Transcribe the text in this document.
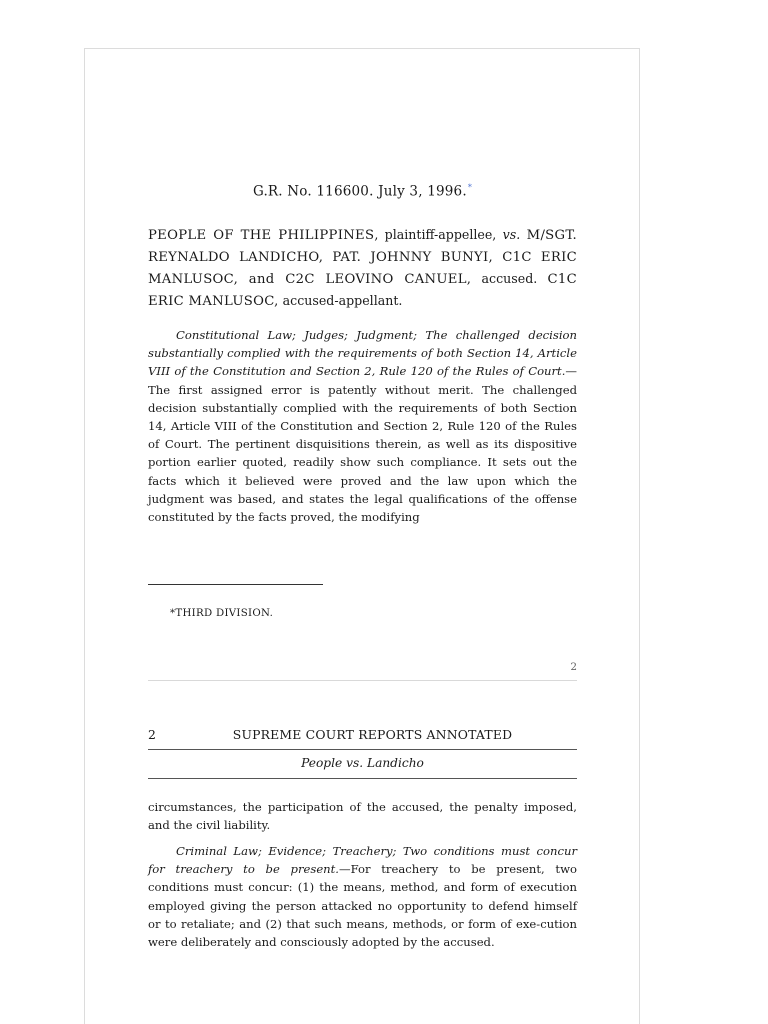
G.R. No. 116600. July 3, 1996.*
PEOPLE OF THE PHILIPPINES, plaintiff-appellee, vs. M/SGT. REYNALDO LANDICHO, PAT. JOHNNY BUNYI, C1C ERIC MANLUSOC, and C2C LEOVINO CANUEL, accused. C1C ERIC MANLUSOC, accused-appellant.

Constitutional Law; Judges; Judgment; The challenged decision substantially complied with the requirements of both Section 14, Article VIII of the Constitution and Section 2, Rule 120 of the Rules of Court.—The first assigned error is patently without merit. The challenged decision substantially complied with the requirements of both Section 14, Article VIII of the Constitution and Section 2, Rule 120 of the Rules of Court. The pertinent disquisitions therein, as well as its dispositive portion earlier quoted, readily show such compliance. It sets out the facts which it believed were proved and the law upon which the judgment was based, and states the legal qualifications of the offense constituted by the facts proved, the modifying

*THIRD DIVISION.
2
2	SUPREME COURT REPORTS ANNOTATED
People vs. Landicho

circumstances, the participation of the accused, the penalty imposed, and the civil liability.

Criminal Law; Evidence; Treachery; Two conditions must concur for treachery to be present.—For treachery to be present, two conditions must concur: (1) the means, method, and form of execution employed giving the person attacked no opportunity to defend himself or to retaliate; and (2) that such means, methods, or form of exe-cution were deliberately and consciously adopted by the accused.
